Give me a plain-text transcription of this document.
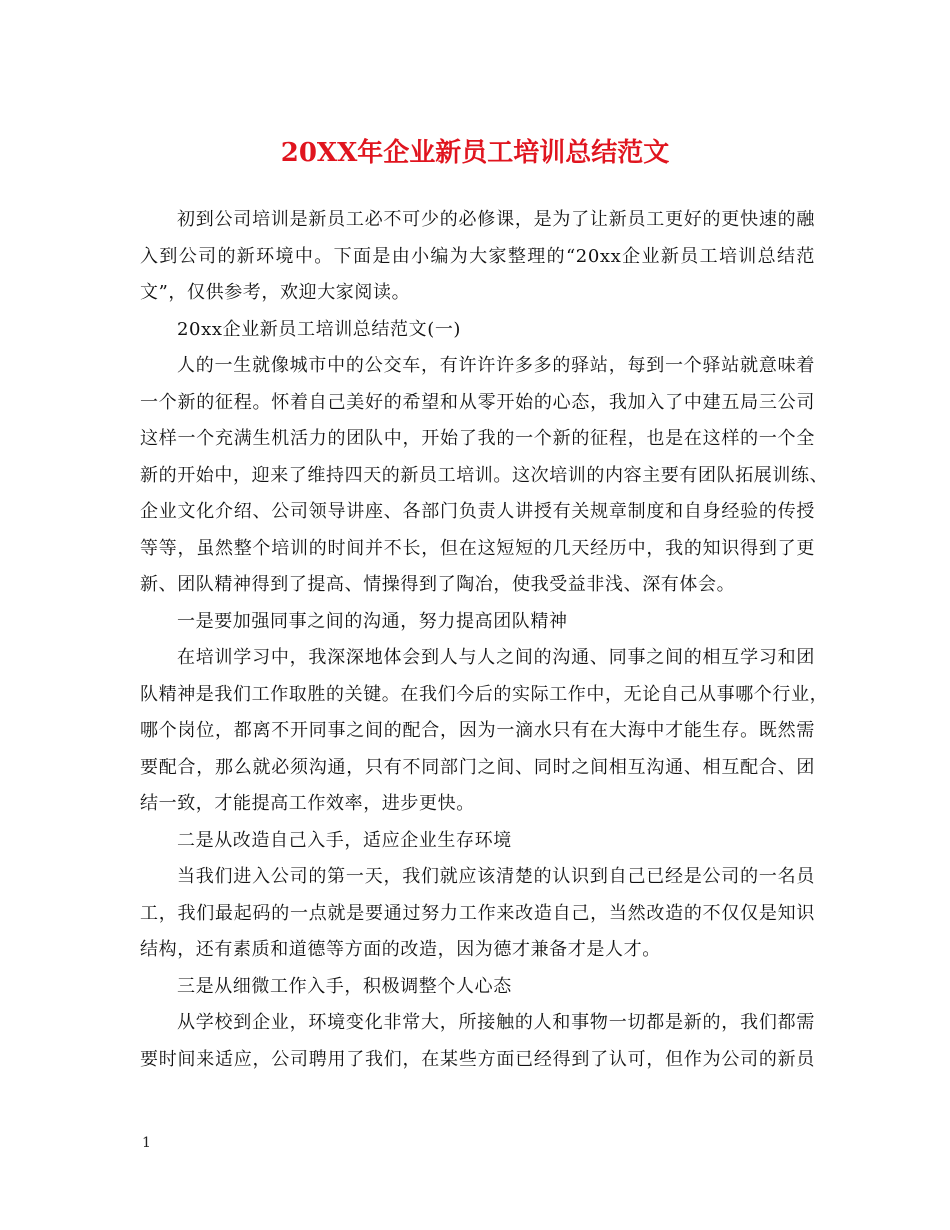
20XX年企业新员工培训总结范文
初到公司培训是新员工必不可少的必修课，是为了让新员工更好的更快速的融
入到公司的新环境中。下面是由小编为大家整理的“20xx企业新员工培训总结范
文”，仅供参考，欢迎大家阅读。
20xx企业新员工培训总结范文(一)
人的一生就像城市中的公交车，有许许许多多的驿站，每到一个驿站就意味着
一个新的征程。怀着自己美好的希望和从零开始的心态，我加入了中建五局三公司
这样一个充满生机活力的团队中，开始了我的一个新的征程，也是在这样的一个全
新的开始中，迎来了维持四天的新员工培训。这次培训的内容主要有团队拓展训练、
企业文化介绍、公司领导讲座、各部门负责人讲授有关规章制度和自身经验的传授
等等，虽然整个培训的时间并不长，但在这短短的几天经历中，我的知识得到了更
新、团队精神得到了提高、情操得到了陶冶，使我受益非浅、深有体会。
一是要加强同事之间的沟通，努力提高团队精神
在培训学习中，我深深地体会到人与人之间的沟通、同事之间的相互学习和团
队精神是我们工作取胜的关键。在我们今后的实际工作中，无论自己从事哪个行业，
哪个岗位，都离不开同事之间的配合，因为一滴水只有在大海中才能生存。既然需
要配合，那么就必须沟通，只有不同部门之间、同时之间相互沟通、相互配合、团
结一致，才能提高工作效率，进步更快。
二是从改造自己入手，适应企业生存环境
当我们进入公司的第一天，我们就应该清楚的认识到自己已经是公司的一名员
工，我们最起码的一点就是要通过努力工作来改造自己，当然改造的不仅仅是知识
结构，还有素质和道德等方面的改造，因为德才兼备才是人才。
三是从细微工作入手，积极调整个人心态
从学校到企业，环境变化非常大，所接触的人和事物一切都是新的，我们都需
要时间来适应，公司聘用了我们，在某些方面已经得到了认可，但作为公司的新员
1
